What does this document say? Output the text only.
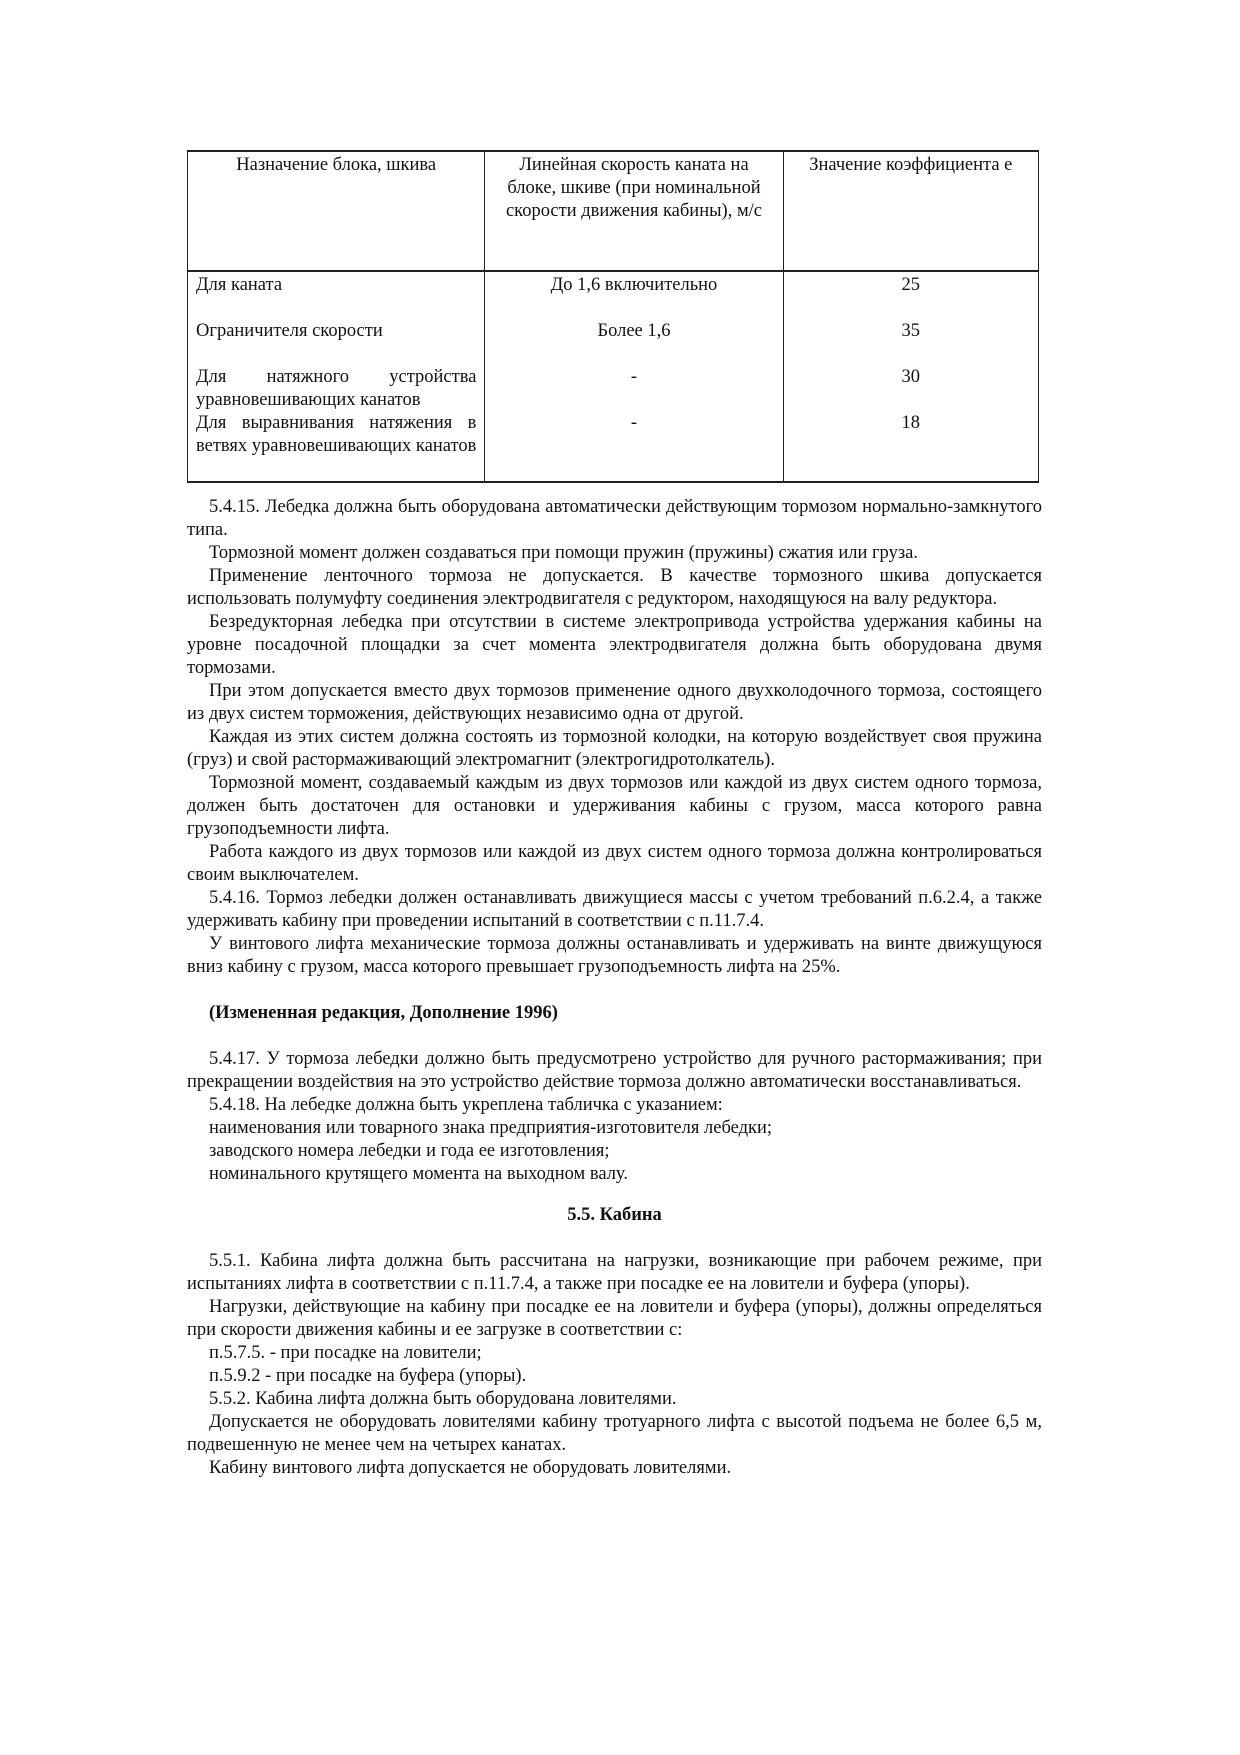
Назначение блока, шкива	Линейная скорость каната на блоке, шкиве (при номинальной скорости движения кабины), м/с	Значение коэффициента е
Для каната	До 1,6 включительно	25
Ограничителя скорости	Более 1,6	35
Для натяжного устройства уравновешивающих канатов	-	30
Для выравнивания натяжения в ветвях уравновешивающих канатов	-	18

5.4.15. Лебедка должна быть оборудована автоматически действующим тормозом нормально-замкнутого типа.

Тормозной момент должен создаваться при помощи пружин (пружины) сжатия или груза.

Применение ленточного тормоза не допускается. В качестве тормозного шкива допускается использовать полумуфту соединения электродвигателя с редуктором, находящуюся на валу редуктора.

Безредукторная лебедка при отсутствии в системе электропривода устройства удержания кабины на уровне посадочной площадки за счет момента электродвигателя должна быть оборудована двумя тормозами.

При этом допускается вместо двух тормозов применение одного двухколодочного тормоза, состоящего из двух систем торможения, действующих независимо одна от другой.

Каждая из этих систем должна состоять из тормозной колодки, на которую воздействует своя пружина (груз) и свой растормаживающий электромагнит (электрогидротолкатель).

Тормозной момент, создаваемый каждым из двух тормозов или каждой из двух систем одного тормоза, должен быть достаточен для остановки и удерживания кабины с грузом, масса которого равна грузоподъемности лифта.

Работа каждого из двух тормозов или каждой из двух систем одного тормоза должна контролироваться своим выключателем.

5.4.16. Тормоз лебедки должен останавливать движущиеся массы с учетом требований п.6.2.4, а также удерживать кабину при проведении испытаний в соответствии с п.11.7.4.

У винтового лифта механические тормоза должны останавливать и удерживать на винте движущуюся вниз кабину с грузом, масса которого превышает грузоподъемность лифта на 25%.

(Измененная редакция, Дополнение 1996)

5.4.17. У тормоза лебедки должно быть предусмотрено устройство для ручного растормаживания; при прекращении воздействия на это устройство действие тормоза должно автоматически восстанавливаться.

5.4.18. На лебедке должна быть укреплена табличка с указанием:

наименования или товарного знака предприятия-изготовителя лебедки;

заводского номера лебедки и года ее изготовления;

номинального крутящего момента на выходном валу.

5.5. Кабина

5.5.1. Кабина лифта должна быть рассчитана на нагрузки, возникающие при рабочем режиме, при испытаниях лифта в соответствии с п.11.7.4, а также при посадке ее на ловители и буфера (упоры).

Нагрузки, действующие на кабину при посадке ее на ловители и буфера (упоры), должны определяться при скорости движения кабины и ее загрузке в соответствии с:

п.5.7.5. - при посадке на ловители;

п.5.9.2 - при посадке на буфера (упоры).

5.5.2. Кабина лифта должна быть оборудована ловителями.

Допускается не оборудовать ловителями кабину тротуарного лифта с высотой подъема не более 6,5 м, подвешенную не менее чем на четырех канатах.

Кабину винтового лифта допускается не оборудовать ловителями.
